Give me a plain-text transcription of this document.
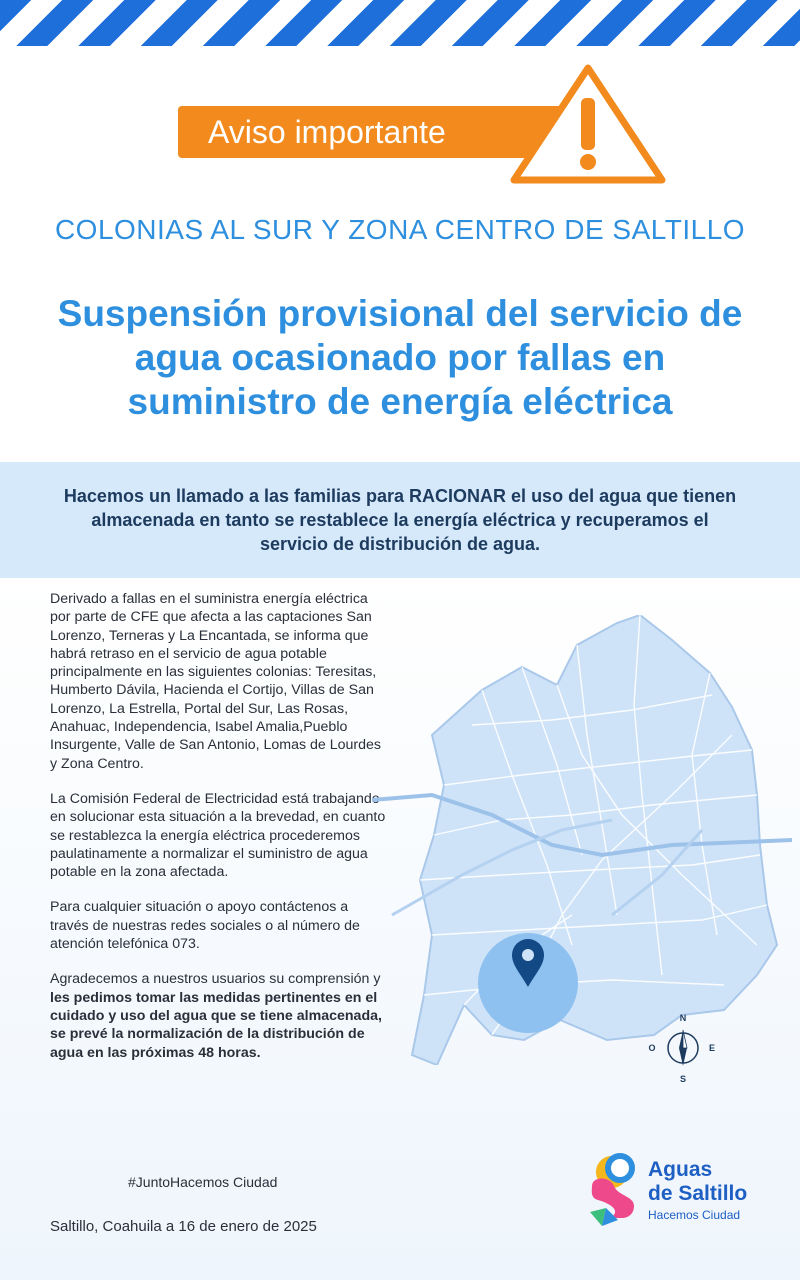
Aviso importante
COLONIAS AL SUR Y ZONA CENTRO DE SALTILLO
Suspensión provisional del servicio de agua ocasionado por fallas en suministro de energía eléctrica

Hacemos un llamado a las familias para RACIONAR el uso del agua que tienen almacenada en tanto se restablece la energía eléctrica y recuperamos el servicio de distribución de agua.

Derivado a fallas en el suministra energía eléctrica por parte de CFE que afecta a las captaciones San Lorenzo, Terneras y La Encantada, se informa que habrá retraso en el servicio de agua potable principalmente en las siguientes colonias: Teresitas, Humberto Dávila, Hacienda el Cortijo, Villas de San Lorenzo, La Estrella, Portal del Sur, Las Rosas, Anahuac, Independencia, Isabel Amalia,Pueblo Insurgente, Valle de San Antonio, Lomas de Lourdes y Zona Centro.

La Comisión Federal de Electricidad está trabajando en solucionar esta situación a la brevedad, en cuanto se restablezca la energía eléctrica procederemos paulatinamente a normalizar el suministro de agua potable en la zona afectada.

Para cualquier situación o apoyo contáctenos a través de nuestras redes sociales o al número de atención telefónica 073.

Agradecemos a nuestros usuarios su comprensión y les pedimos tomar las medidas pertinentes en el cuidado y uso del agua que se tiene almacenada, se prevé la normalización de la distribución de agua en las próximas 48 horas.

N
S
E
O
#JuntoHacemos Ciudad
Saltillo, Coahuila a 16 de enero de 2025
Aguas
de Saltillo
Hacemos Ciudad
